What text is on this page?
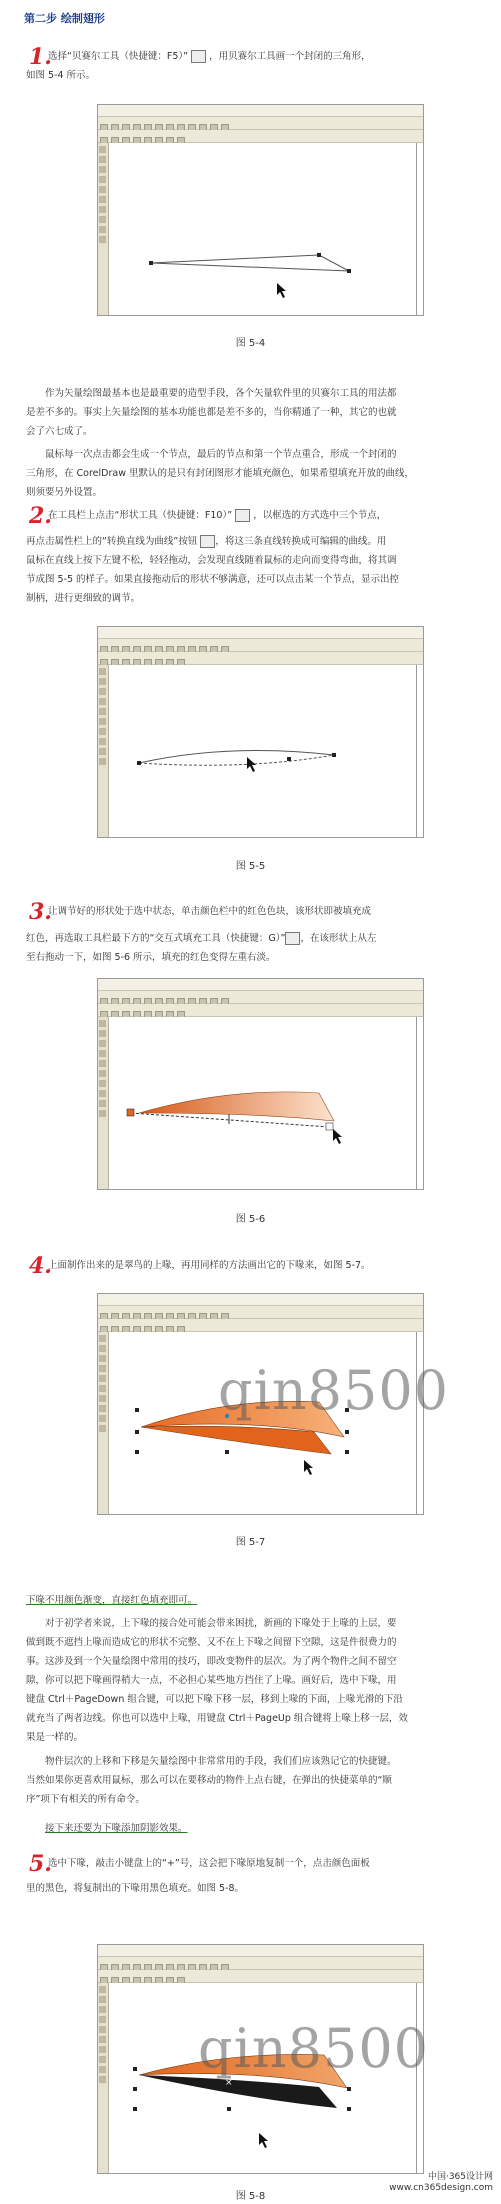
第二步 绘制翅形
1.
选择“贝赛尔工具（快捷键：F5）” ，用贝赛尔工具画一个封闭的三角形，
如图 5-4 所示。
图 5-4
作为矢量绘图最基本也是最重要的造型手段，各个矢量软件里的贝赛尔工具的用法都
是差不多的。事实上矢量绘图的基本功能也都是差不多的，当你精通了一种，其它的也就
会了六七成了。
鼠标每一次点击都会生成一个节点，最后的节点和第一个节点重合，形成一个封闭的
三角形，在 CorelDraw 里默认的是只有封闭图形才能填充颜色，如果希望填充开放的曲线，
则须要另外设置。
2.
在工具栏上点击“形状工具（快捷键：F10）” ，以框选的方式选中三个节点，
再点击属性栏上的“转换直线为曲线”按钮 ，将这三条直线转换成可编辑的曲线。用
鼠标在直线上按下左键不松，轻轻拖动，会发现直线随着鼠标的走向而变得弯曲，将其调
节成图 5-5 的样子。如果直接拖动后的形状不够满意，还可以点击某一个节点，显示出控
制柄，进行更细致的调节。
图 5-5
3.
让调节好的形状处于选中状态，单击颜色栏中的红色色块，该形状即被填充成
红色，再选取工具栏最下方的“交互式填充工具（快捷键：G）” ，在该形状上从左
至右拖动一下，如图 5-6 所示，填充的红色变得左重右淡。
图 5-6
4.
上面制作出来的是翠鸟的上喙，再用同样的方法画出它的下喙来，如图 5-7。
qin8500
图 5-7
下喙不用颜色渐变，直接红色填充即可。
对于初学者来说，上下喙的接合处可能会带来困扰，新画的下喙处于上喙的上层，要
做到既不遮挡上喙而造成它的形状不完整、又不在上下喙之间留下空隙，这是件很费力的
事。这涉及到一个矢量绘图中常用的技巧，即改变物件的层次。为了两个物件之间不留空
隙，你可以把下喙画得稍大一点，不必担心某些地方挡住了上喙。画好后，选中下喙，用
键盘 Ctrl＋PageDown 组合键，可以把下喙下移一层，移到上喙的下面，上喙光滑的下沿
就充当了两者边线。你也可以选中上喙，用键盘 Ctrl＋PageUp 组合键将上喙上移一层，效
果是一样的。
物件层次的上移和下移是矢量绘图中非常常用的手段，我们们应该熟记它的快捷键。
当然如果你更喜欢用鼠标，那么可以在要移动的物件上点右键，在弹出的快捷菜单的“顺
序”项下有相关的所有命令。
接下来还要为下喙添加阴影效果。
5.
选中下喙，敲击小键盘上的“+”号，这会把下喙原地复制一个，点击颜色面板
里的黑色，将复制出的下喙用黑色填充。如图 5-8。
×
qin8500
图 5-8
中国·365设计网
www.cn365design.com
